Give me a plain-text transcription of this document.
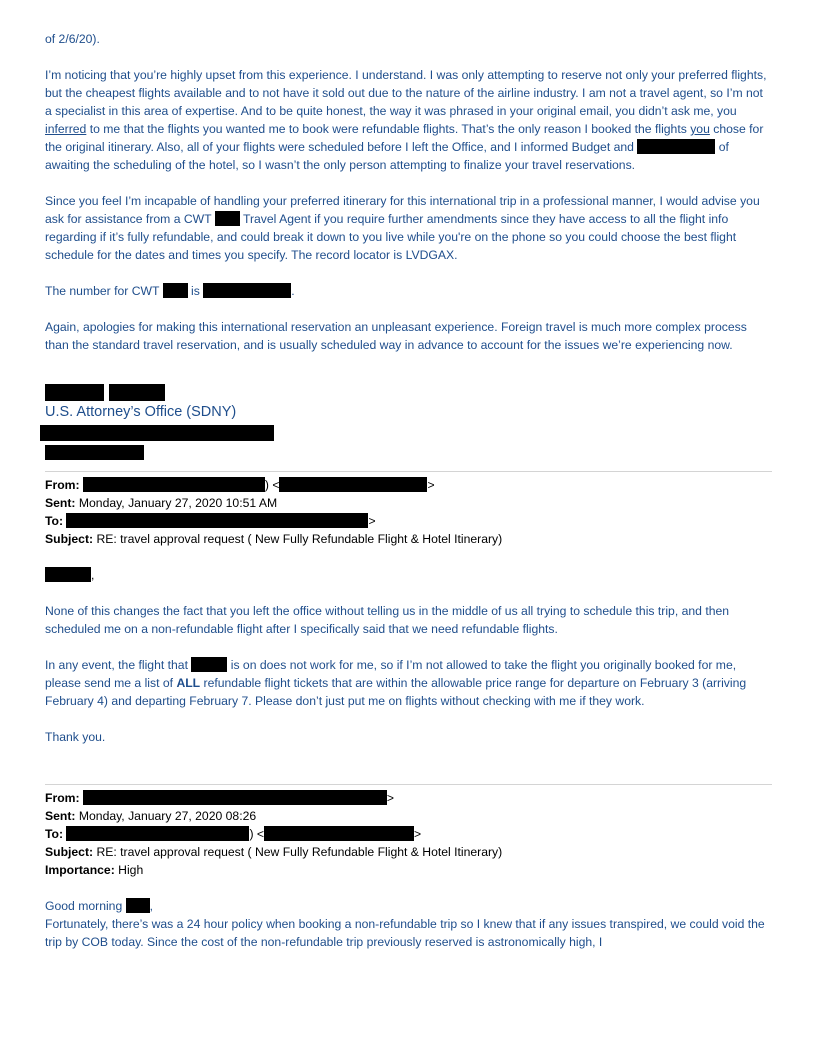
of 2/6/20).

I’m noticing that you’re highly upset from this experience. I understand. I was only attempting to reserve not only your preferred flights, but the cheapest flights available and to not have it sold out due to the nature of the airline industry. I am not a travel agent, so I’m not a specialist in this area of expertise. And to be quite honest, the way it was phrased in your original email, you didn’t ask me, you inferred to me that the flights you wanted me to book were refundable flights. That’s the only reason I booked the flights you chose for the original itinerary. Also, all of your flights were scheduled before I left the Office, and I informed Budget and	of awaiting the scheduling of the hotel, so I wasn’t the only person attempting to finalize your travel reservations.

Since you feel I’m incapable of handling your preferred itinerary for this international trip in a professional manner, I would advise you ask for assistance from a CWT  Travel Agent if you require further amendments since they have access to all the flight info regarding if it’s fully refundable, and could break it down to you live while you're on the phone so you could choose the best flight schedule for the dates and times you specify. The record locator is LVDGAX.

The number for CWT  is	.

Again, apologies for making this international reservation an unpleasant experience. Foreign travel is much more complex process than the standard travel reservation, and is usually scheduled way in advance to account for the issues we’re experiencing now.

U.S. Attorney’s Office (SDNY)
From:	) <	>
Sent: Monday, January 27, 2020 10:51 AM
To:	>
Subject: RE: travel approval request ( New Fully Refundable Flight & Hotel Itinerary)
,

None of this changes the fact that you left the office without telling us in the middle of us all trying to schedule this trip, and then scheduled me on a non-refundable flight after I specifically said that we need refundable flights.

In any event, the flight that	is on does not work for me, so if I’m not allowed to take the flight you originally booked for me, please send me a list of ALL refundable flight tickets that are within the allowable price range for departure on February 3 (arriving February 4) and departing February 7. Please don’t just put me on flights without checking with me if they work.

Thank you.

From:	>
Sent: Monday, January 27, 2020 08:26
To:	) <	>
Subject: RE: travel approval request ( New Fully Refundable Flight & Hotel Itinerary)
Importance: High
Good morning ,

Fortunately, there’s was a 24 hour policy when booking a non-refundable trip so I knew that if any issues transpired, we could void the trip by COB today. Since the cost of the non-refundable trip previously reserved is astronomically high, I
